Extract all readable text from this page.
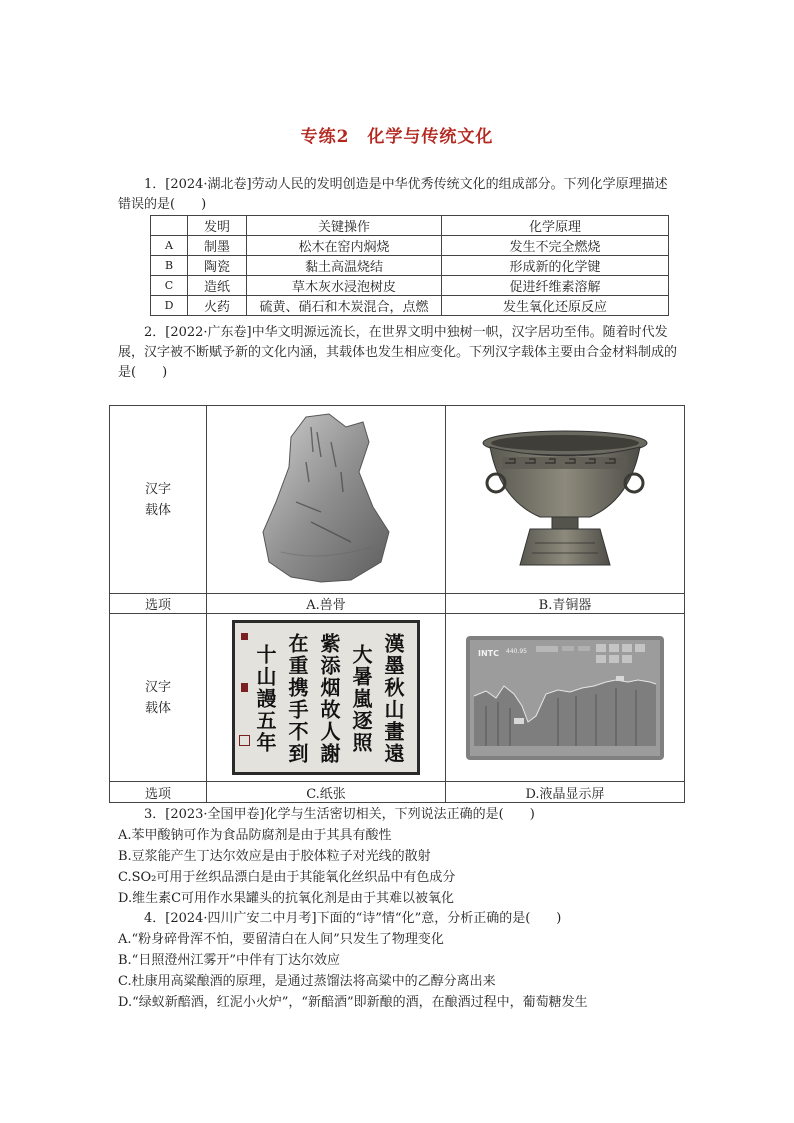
专练2　化学与传统文化
1．[2024·湖北卷]劳动人民的发明创造是中华优秀传统文化的组成部分。下列化学原理描述错误的是(　　)
	发明	关键操作	化学原理
A	制墨	松木在窑内焖烧	发生不完全燃烧
B	陶瓷	黏土高温烧结	形成新的化学键
C	造纸	草木灰水浸泡树皮	促进纤维素溶解
D	火药	硫黄、硝石和木炭混合，点燃	发生氧化还原反应
2．[2022·广东卷]中华文明源远流长，在世界文明中独树一帜，汉字居功至伟。随着时代发展，汉字被不断赋予新的文化内涵，其载体也发生相应变化。下列汉字载体主要由合金材料制成的是(　　)
汉字
载体
选项	A.兽骨	B.青铜器
汉字
载体	漢墨秋山畫遠 大暑嵐逐照 紫添烟故人謝 在重携手不到 十山謾五年	INTC 440.95
选项	C.纸张	D.液晶显示屏
3．[2023·全国甲卷]化学与生活密切相关，下列说法正确的是(　　)
A.苯甲酸钠可作为食品防腐剂是由于其具有酸性
B.豆浆能产生丁达尔效应是由于胶体粒子对光线的散射
C.SO₂可用于丝织品漂白是由于其能氧化丝织品中有色成分
D.维生素C可用作水果罐头的抗氧化剂是由于其难以被氧化
4．[2024·四川广安二中月考]下面的“诗”情“化”意，分析正确的是(　　)
A.“粉身碎骨浑不怕，要留清白在人间”只发生了物理变化
B.“日照澄州江雾开”中伴有丁达尔效应
C.杜康用高粱酿酒的原理，是通过蒸馏法将高粱中的乙醇分离出来
D.“绿蚁新醅酒，红泥小火炉”，“新醅酒”即新酿的酒，在酿酒过程中，葡萄糖发生
